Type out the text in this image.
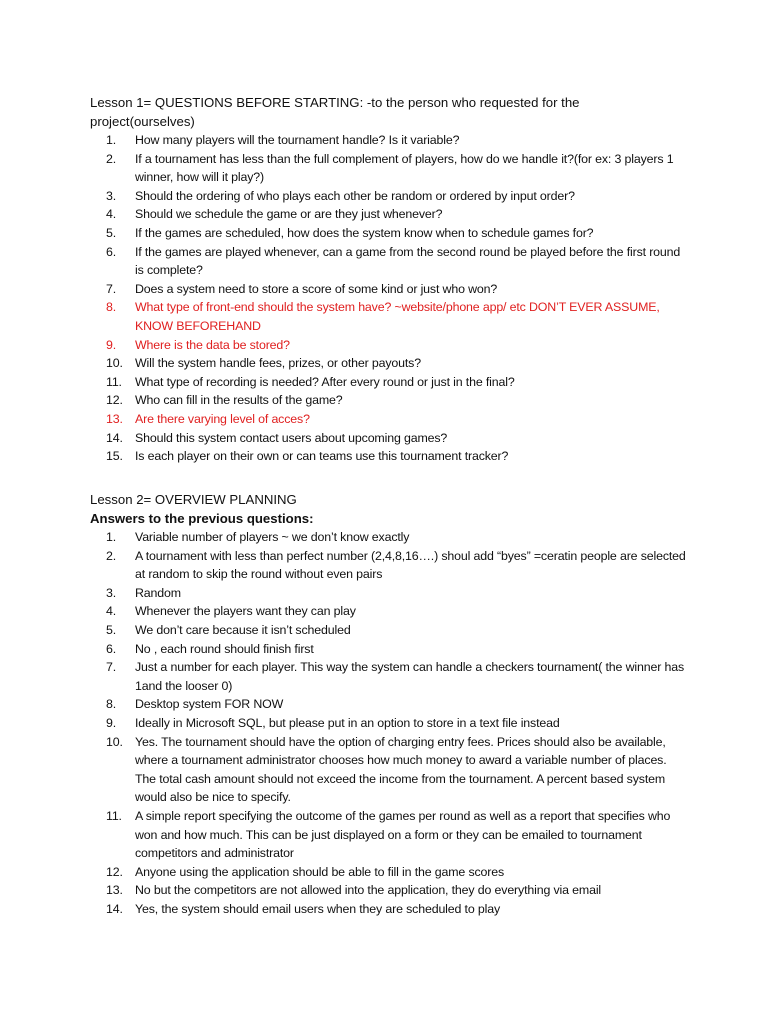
Lesson 1= QUESTIONS BEFORE STARTING: -to the person who requested for the
project(ourselves)

1.	How many players will the tournament handle? Is it variable?
2.	If a tournament has less than the full complement of players, how do we handle it?(for ex: 3 players 1 winner, how will it play?)
3.	Should the ordering of who plays each other be random or ordered by input order?
4.	Should we schedule the game or are they just whenever?
5.	If the games are scheduled, how does the system know when to schedule games for?
6.	If the games are played whenever, can a game from the second round be played before the first round is complete?
7.	Does a system need to store a score of some kind or just who won?
8.	What type of front-end should the system have? ~website/phone app/ etc DON’T EVER ASSUME, KNOW BEFOREHAND
9.	Where is the data be stored?
10. Will the system handle fees, prizes, or other payouts?
11.	What type of recording is needed? After every round or just in the final?
12. Who can fill in the results of the game?
13. Are there varying level of acces?
14. Should this system contact users about upcoming games?
15. Is each player on their own or can teams use this tournament tracker?

Lesson 2= OVERVIEW PLANNING

Answers to the previous questions:

1.	Variable number of players ~ we don’t know exactly
2.	A tournament with less than perfect number (2,4,8,16….) shoul add “byes” =ceratin people are selected at random to skip the round without even pairs
3.	Random
4.	Whenever the players want they can play
5.	We don’t care because it isn’t scheduled
6.	No , each round should finish first
7.	Just a number for each player. This way the system can handle a checkers tournament( the winner has 1and the looser 0)
8.	Desktop system FOR NOW
9.	Ideally in Microsoft SQL, but please put in an option to store in a text file instead
10. Yes. The tournament should have the option of charging entry fees. Prices should also be available, where a tournament administrator chooses how much money to award a variable number of places. The total cash amount should not exceed the income from the tournament. A percent based system would also be nice to specify.
11.	A simple report specifying the outcome of the games per round as well as a report that specifies who won and how much. This can be just displayed on a form or they can be emailed to tournament competitors and administrator
12. Anyone using the application should be able to fill in the game scores
13. No but the competitors are not allowed into the application, they do everything via email
14. Yes, the system should email users when they are scheduled to play
